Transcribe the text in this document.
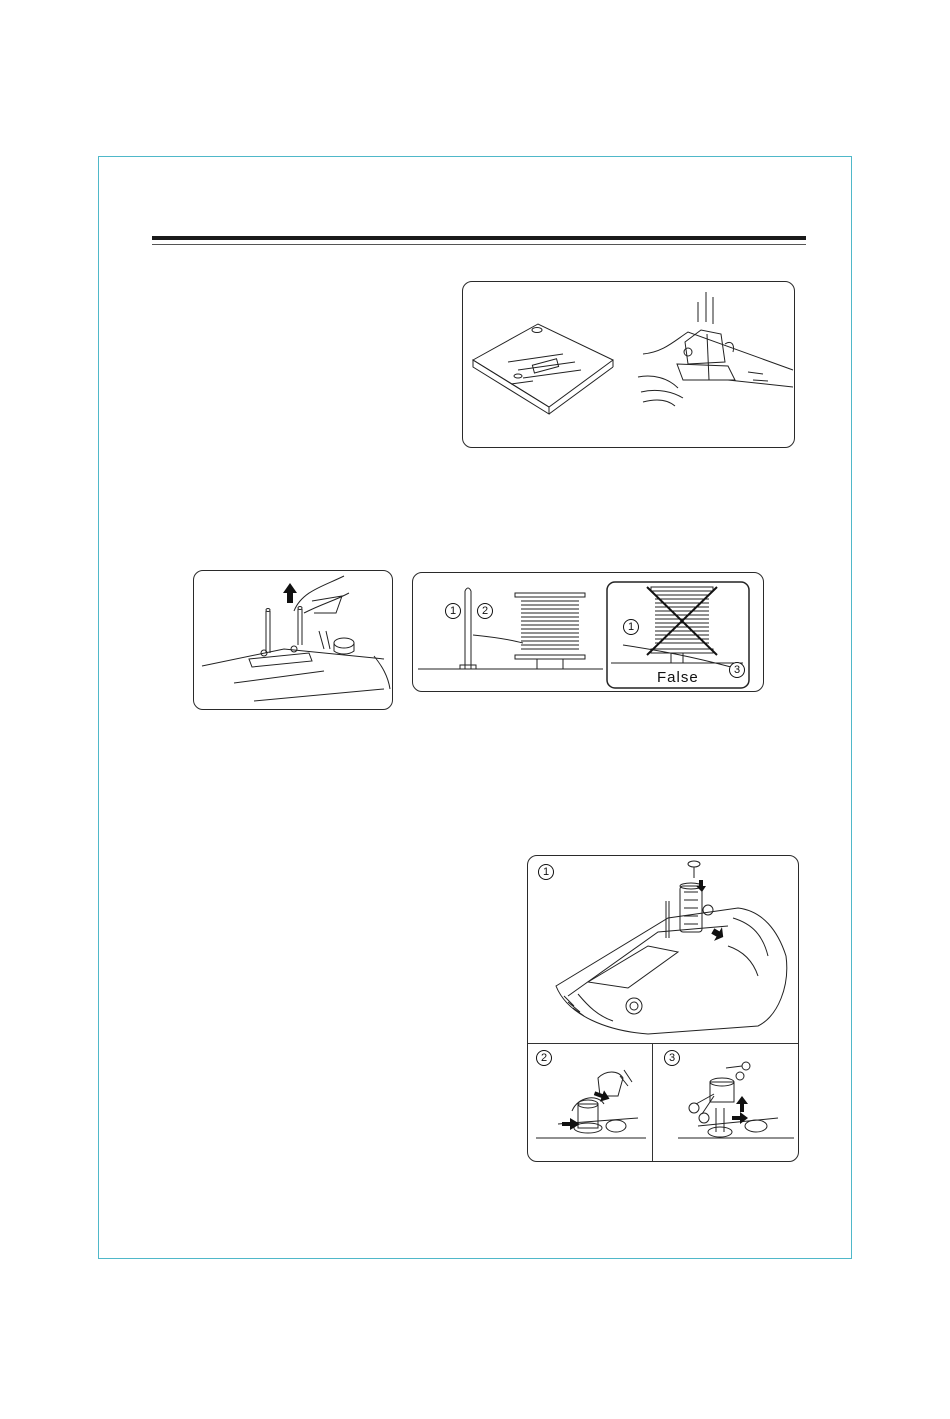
1	2
1
3
False
1
2	3
